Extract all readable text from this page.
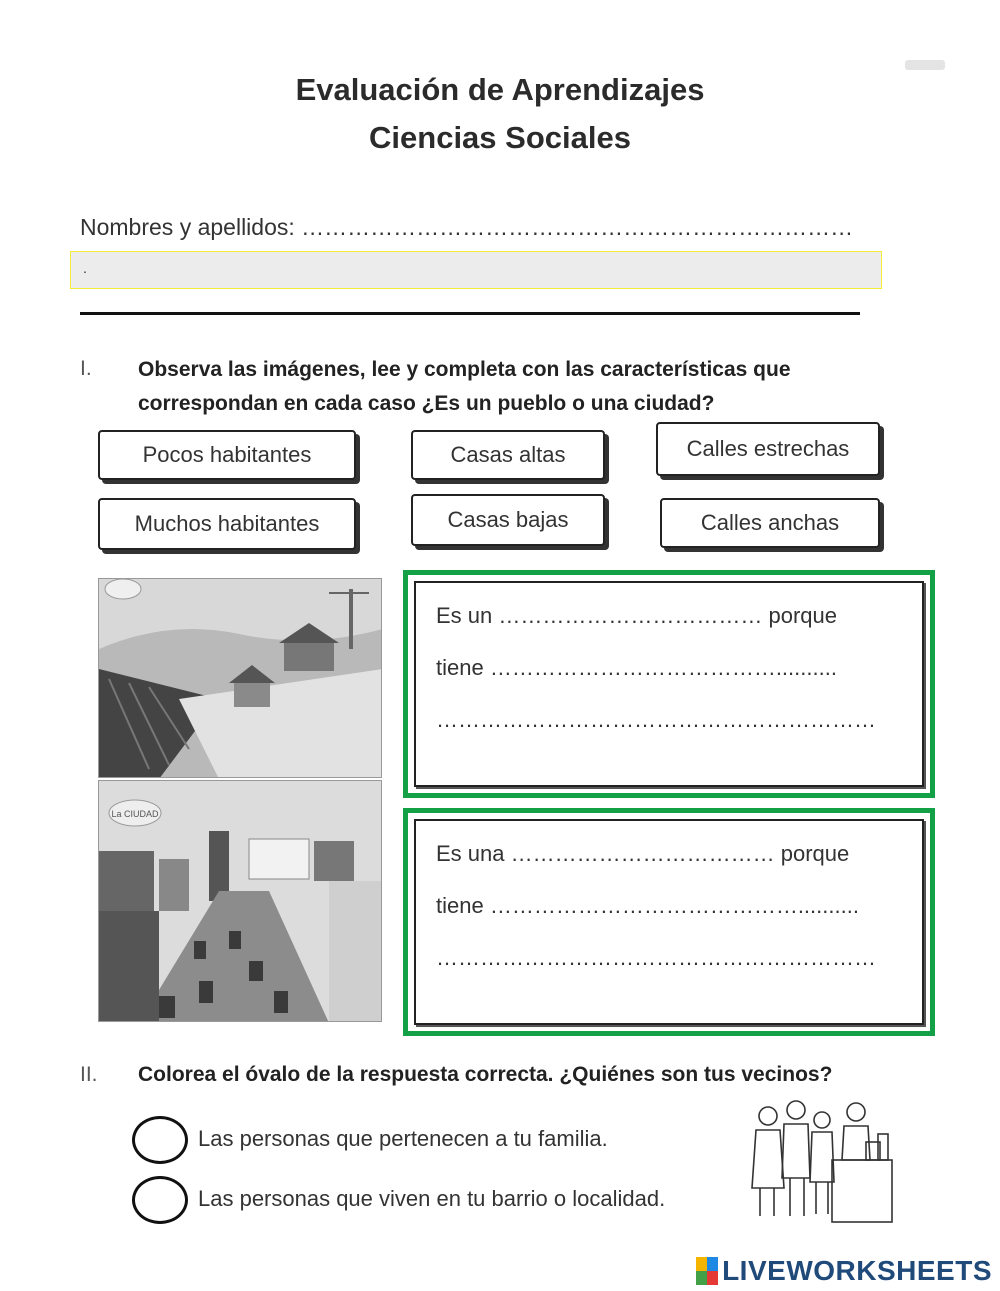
Evaluación de Aprendizajes
Ciencias Sociales
Nombres y apellidos: ………………………………………………………………
.
I. Observa las imágenes, lee y completa con las características que
correspondan en cada caso ¿Es un pueblo o una ciudad?
Pocos habitantes	Casas altas	Calles estrechas
Muchos habitantes	Casas bajas	Calles anchas
La CIUDAD
Es un ……………………………… porque
tiene …………………………………..........
……………………………………………………
Es una ……………………………… porque
tiene ……………………………………..........
……………………………………………………
II. Colorea el óvalo de la respuesta correcta. ¿Quiénes son tus vecinos?
Las personas que pertenecen a tu familia.
Las personas que viven en tu barrio o localidad.
LIVEWORKSHEETS
